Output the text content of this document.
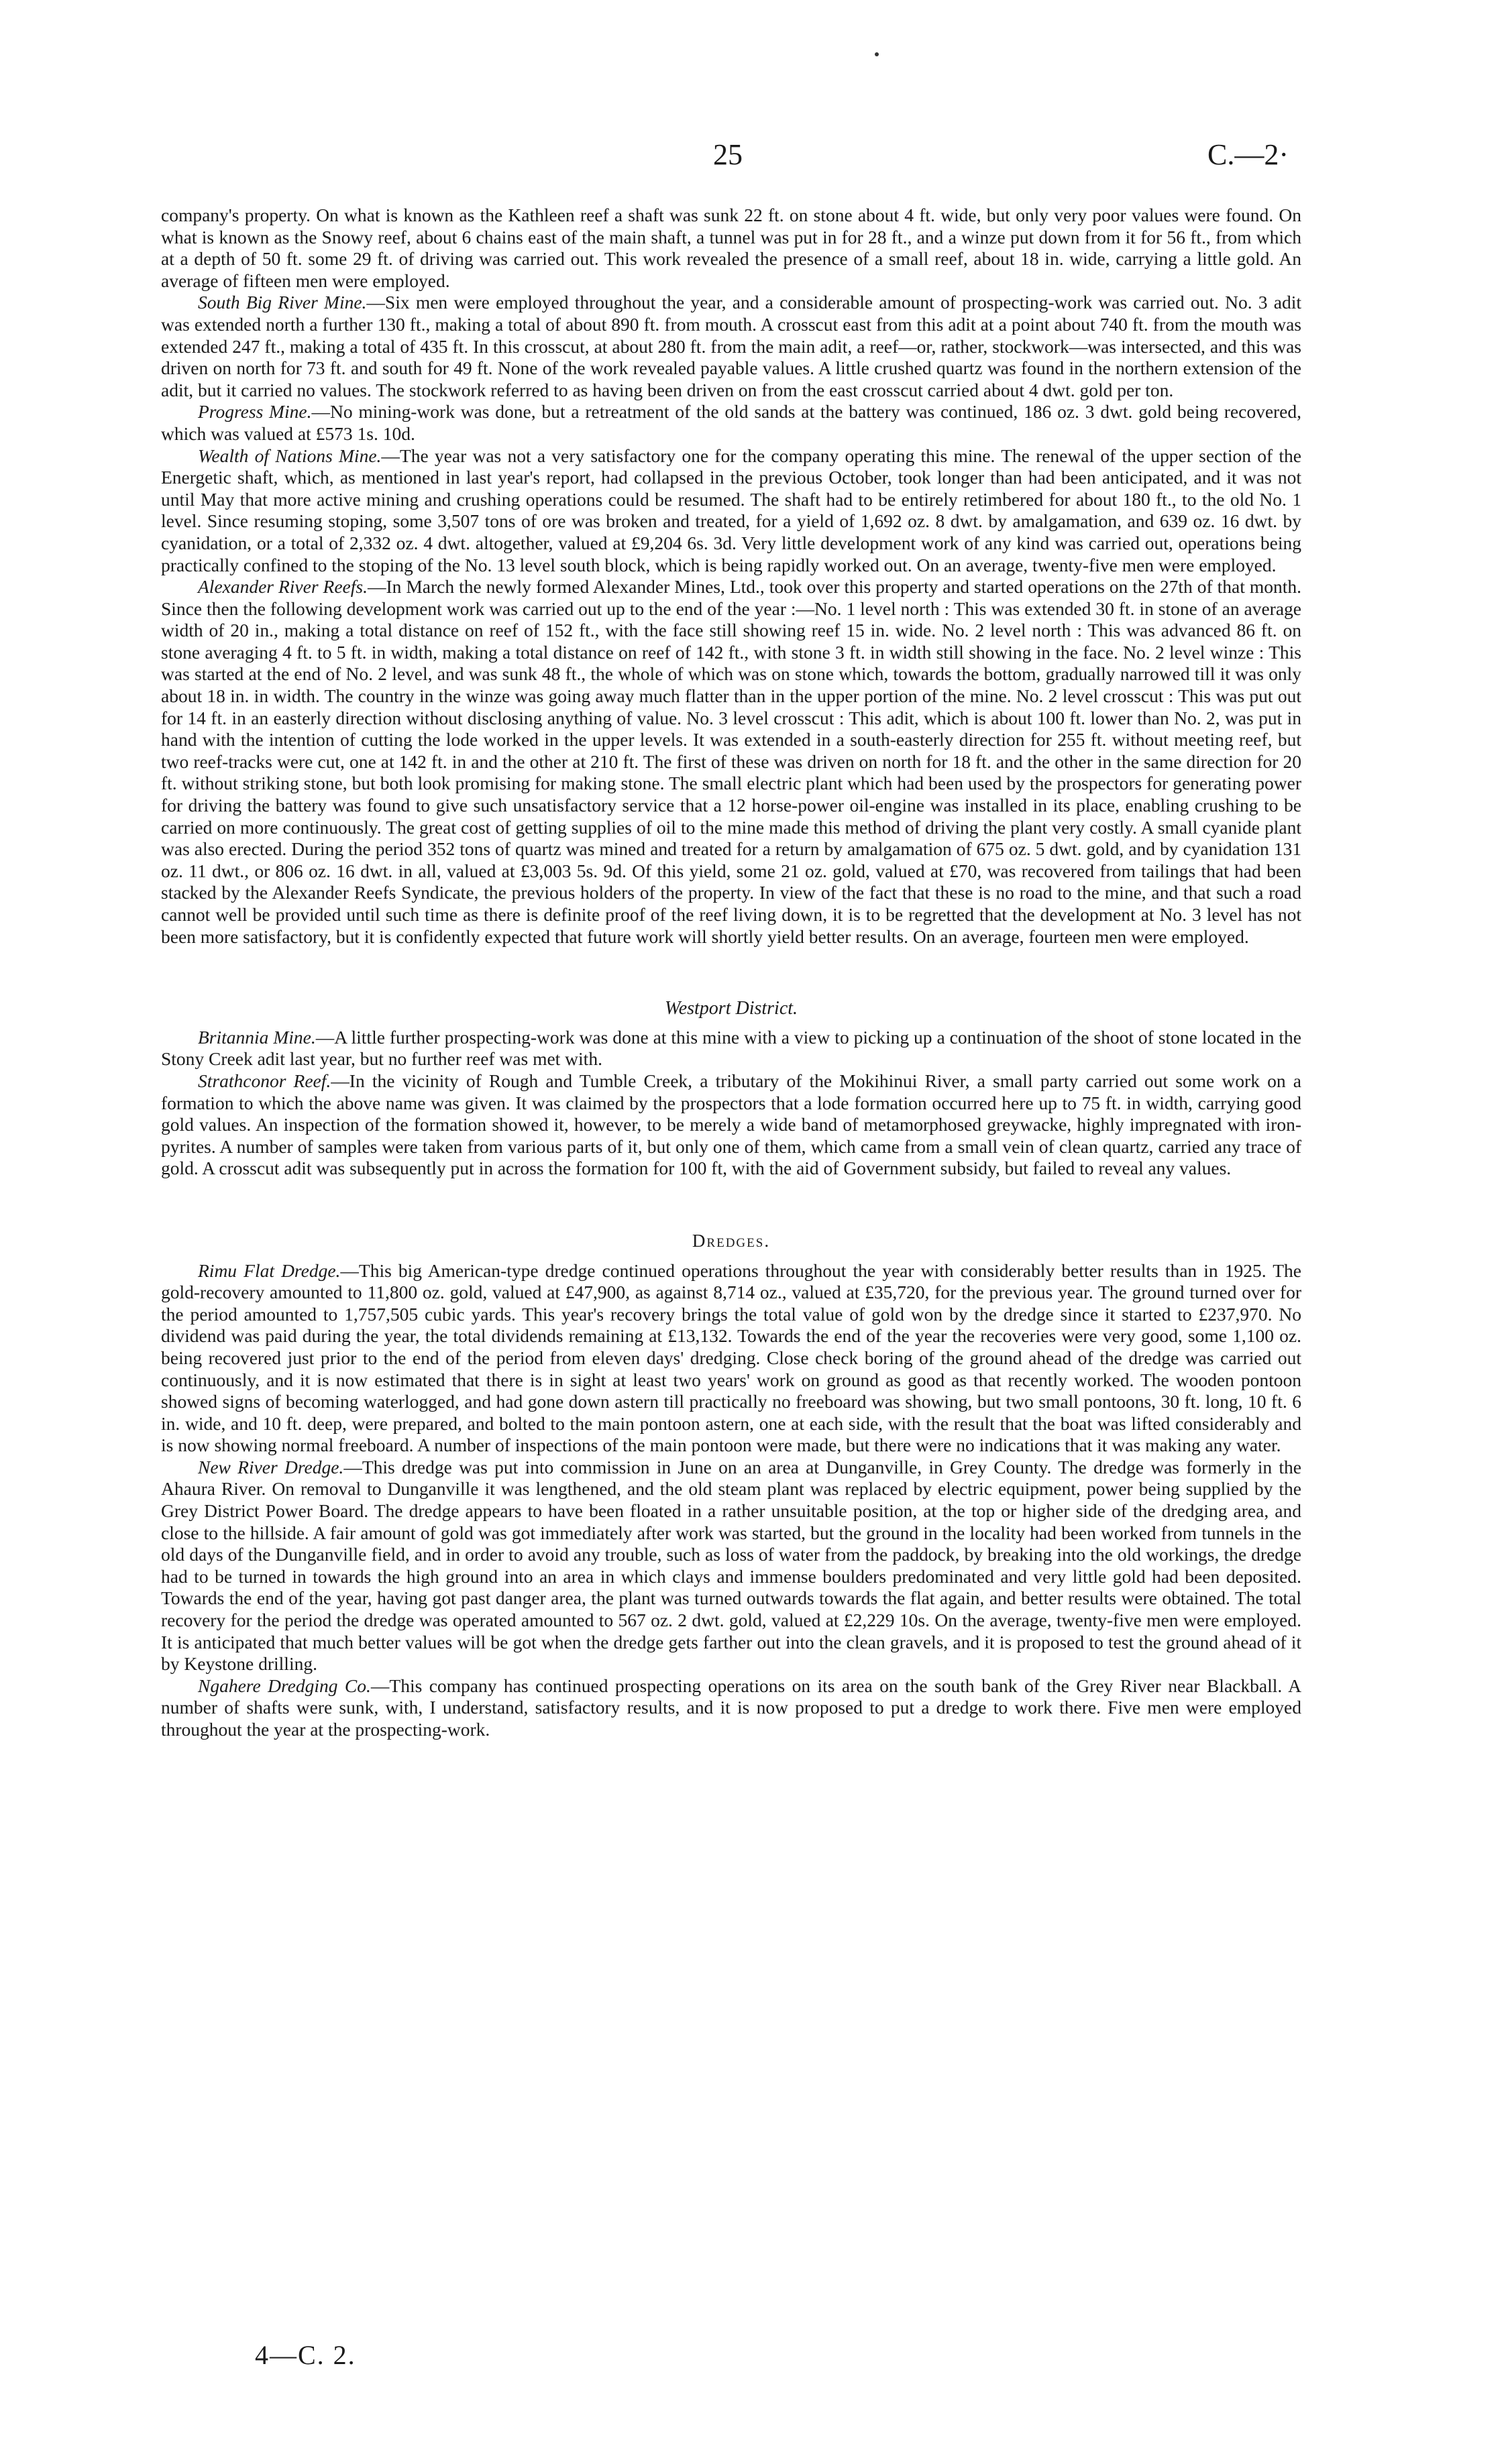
25	C.—2·

company's property. On what is known as the Kathleen reef a shaft was sunk 22 ft. on stone about 4 ft. wide, but only very poor values were found. On what is known as the Snowy reef, about 6 chains east of the main shaft, a tunnel was put in for 28 ft., and a winze put down from it for 56 ft., from which at a depth of 50 ft. some 29 ft. of driving was carried out. This work revealed the presence of a small reef, about 18 in. wide, carrying a little gold. An average of fifteen men were employed.

South Big River Mine.—Six men were employed throughout the year, and a considerable amount of prospecting-work was carried out. No. 3 adit was extended north a further 130 ft., making a total of about 890 ft. from mouth. A crosscut east from this adit at a point about 740 ft. from the mouth was extended 247 ft., making a total of 435 ft. In this crosscut, at about 280 ft. from the main adit, a reef—or, rather, stockwork—was intersected, and this was driven on north for 73 ft. and south for 49 ft. None of the work revealed payable values. A little crushed quartz was found in the northern extension of the adit, but it carried no values. The stockwork referred to as having been driven on from the east crosscut carried about 4 dwt. gold per ton.

Progress Mine.—No mining-work was done, but a retreatment of the old sands at the battery was continued, 186 oz. 3 dwt. gold being recovered, which was valued at £573 1s. 10d.

Wealth of Nations Mine.—The year was not a very satisfactory one for the company operating this mine. The renewal of the upper section of the Energetic shaft, which, as mentioned in last year's report, had collapsed in the previous October, took longer than had been anticipated, and it was not until May that more active mining and crushing operations could be resumed. The shaft had to be entirely retimbered for about 180 ft., to the old No. 1 level. Since resuming stoping, some 3,507 tons of ore was broken and treated, for a yield of 1,692 oz. 8 dwt. by amalgamation, and 639 oz. 16 dwt. by cyanidation, or a total of 2,332 oz. 4 dwt. altogether, valued at £9,204 6s. 3d. Very little development work of any kind was carried out, operations being practically confined to the stoping of the No. 13 level south block, which is being rapidly worked out. On an average, twenty-five men were employed.

Alexander River Reefs.—In March the newly formed Alexander Mines, Ltd., took over this property and started operations on the 27th of that month. Since then the following development work was carried out up to the end of the year :—No. 1 level north : This was extended 30 ft. in stone of an average width of 20 in., making a total distance on reef of 152 ft., with the face still showing reef 15 in. wide. No. 2 level north : This was advanced 86 ft. on stone averaging 4 ft. to 5 ft. in width, making a total distance on reef of 142 ft., with stone 3 ft. in width still showing in the face. No. 2 level winze : This was started at the end of No. 2 level, and was sunk 48 ft., the whole of which was on stone which, towards the bottom, gradually narrowed till it was only about 18 in. in width. The country in the winze was going away much flatter than in the upper portion of the mine. No. 2 level crosscut : This was put out for 14 ft. in an easterly direction without disclosing anything of value. No. 3 level crosscut : This adit, which is about 100 ft. lower than No. 2, was put in hand with the intention of cutting the lode worked in the upper levels. It was extended in a south-easterly direction for 255 ft. without meeting reef, but two reef-tracks were cut, one at 142 ft. in and the other at 210 ft. The first of these was driven on north for 18 ft. and the other in the same direction for 20 ft. without striking stone, but both look promising for making stone. The small electric plant which had been used by the prospectors for generating power for driving the battery was found to give such unsatisfactory service that a 12 horse-power oil-engine was installed in its place, enabling crushing to be carried on more continuously. The great cost of getting supplies of oil to the mine made this method of driving the plant very costly. A small cyanide plant was also erected. During the period 352 tons of quartz was mined and treated for a return by amalgamation of 675 oz. 5 dwt. gold, and by cyanidation 131 oz. 11 dwt., or 806 oz. 16 dwt. in all, valued at £3,003 5s. 9d. Of this yield, some 21 oz. gold, valued at £70, was recovered from tailings that had been stacked by the Alexander Reefs Syndicate, the previous holders of the property. In view of the fact that these is no road to the mine, and that such a road cannot well be provided until such time as there is definite proof of the reef living down, it is to be regretted that the development at No. 3 level has not been more satisfactory, but it is confidently expected that future work will shortly yield better results. On an average, fourteen men were employed.

Westport District.

Britannia Mine.—A little further prospecting-work was done at this mine with a view to picking up a continuation of the shoot of stone located in the Stony Creek adit last year, but no further reef was met with.

Strathconor Reef.—In the vicinity of Rough and Tumble Creek, a tributary of the Mokihinui River, a small party carried out some work on a formation to which the above name was given. It was claimed by the prospectors that a lode formation occurred here up to 75 ft. in width, carrying good gold values. An inspection of the formation showed it, however, to be merely a wide band of metamorphosed greywacke, highly impregnated with iron-pyrites. A number of samples were taken from various parts of it, but only one of them, which came from a small vein of clean quartz, carried any trace of gold. A crosscut adit was subsequently put in across the formation for 100 ft, with the aid of Government subsidy, but failed to reveal any values.

Dredges.

Rimu Flat Dredge.—This big American-type dredge continued operations throughout the year with considerably better results than in 1925. The gold-recovery amounted to 11,800 oz. gold, valued at £47,900, as against 8,714 oz., valued at £35,720, for the previous year. The ground turned over for the period amounted to 1,757,505 cubic yards. This year's recovery brings the total value of gold won by the dredge since it started to £237,970. No dividend was paid during the year, the total dividends remaining at £13,132. Towards the end of the year the recoveries were very good, some 1,100 oz. being recovered just prior to the end of the period from eleven days' dredging. Close check boring of the ground ahead of the dredge was carried out continuously, and it is now estimated that there is in sight at least two years' work on ground as good as that recently worked. The wooden pontoon showed signs of becoming waterlogged, and had gone down astern till practically no freeboard was showing, but two small pontoons, 30 ft. long, 10 ft. 6 in. wide, and 10 ft. deep, were prepared, and bolted to the main pontoon astern, one at each side, with the result that the boat was lifted considerably and is now showing normal freeboard. A number of inspections of the main pontoon were made, but there were no indications that it was making any water.

New River Dredge.—This dredge was put into commission in June on an area at Dunganville, in Grey County. The dredge was formerly in the Ahaura River. On removal to Dunganville it was lengthened, and the old steam plant was replaced by electric equipment, power being supplied by the Grey District Power Board. The dredge appears to have been floated in a rather unsuitable position, at the top or higher side of the dredging area, and close to the hillside. A fair amount of gold was got immediately after work was started, but the ground in the locality had been worked from tunnels in the old days of the Dunganville field, and in order to avoid any trouble, such as loss of water from the paddock, by breaking into the old workings, the dredge had to be turned in towards the high ground into an area in which clays and immense boulders predominated and very little gold had been deposited. Towards the end of the year, having got past danger area, the plant was turned outwards towards the flat again, and better results were obtained. The total recovery for the period the dredge was operated amounted to 567 oz. 2 dwt. gold, valued at £2,229 10s. On the average, twenty-five men were employed. It is anticipated that much better values will be got when the dredge gets farther out into the clean gravels, and it is proposed to test the ground ahead of it by Keystone drilling.

Ngahere Dredging Co.—This company has continued prospecting operations on its area on the south bank of the Grey River near Blackball. A number of shafts were sunk, with, I understand, satisfactory results, and it is now proposed to put a dredge to work there. Five men were employed throughout the year at the prospecting-work.

4—C. 2.
